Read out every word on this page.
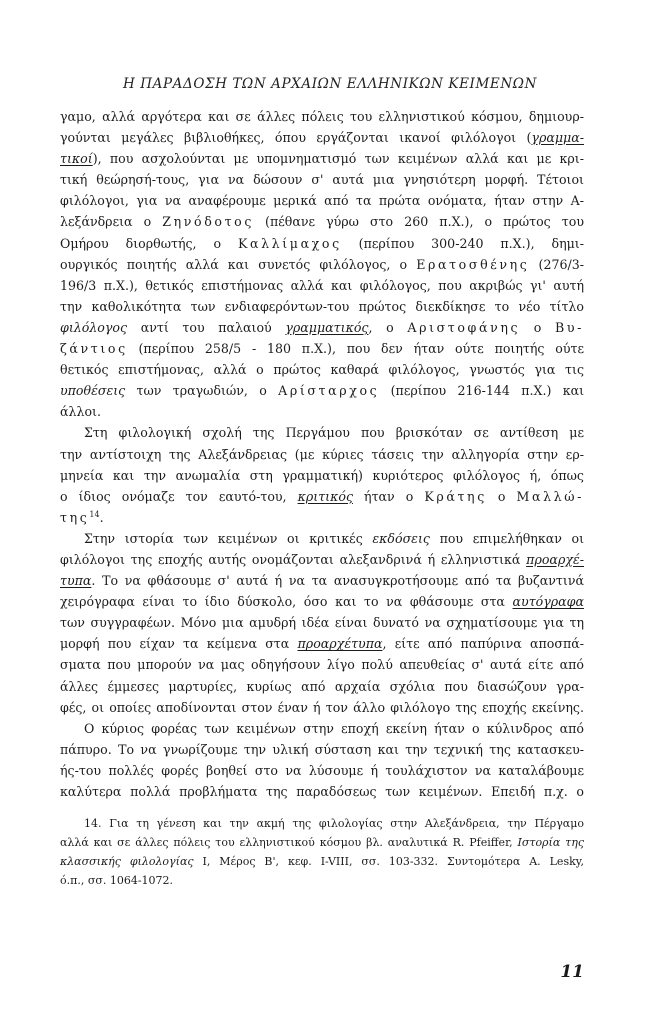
Η ΠΑΡΑΔΟΣΗ ΤΩΝ ΑΡΧΑΙΩΝ ΕΛΛΗΝΙΚΩΝ ΚΕΙΜΕΝΩΝ
γαμο, αλλά αργότερα και σε άλλες πόλεις του ελληνιστικού κόσμου, δημιουρ-
γούνται μεγάλες βιβλιοθήκες, όπου εργάζονται ικανοί φιλόλογοι (γραμμα-
τικοί), που ασχολούνται με υπομνηματισμό των κειμένων αλλά και με κρι-
τική θεώρησή-τους, για να δώσουν σ' αυτά μια γνησιότερη μορφή. Τέτοιοι
φιλόλογοι, για να αναφέρουμε μερικά από τα πρώτα ονόματα, ήταν στην Α-
λεξάνδρεια ο Ζηνόδοτος (πέθανε γύρω στο 260 π.Χ.), ο πρώτος του
Ομήρου διορθωτής, ο Καλλίμαχος (περίπου 300-240 π.Χ.), δημι-
ουργικός ποιητής αλλά και συνετός φιλόλογος, ο Ερατοσθένης (276/3-
196/3 π.Χ.), θετικός επιστήμονας αλλά και φιλόλογος, που ακριβώς γι' αυτή
την καθολικότητα των ενδιαφερόντων-του πρώτος διεκδίκησε το νέο τίτλο
φιλόλογος αντί του παλαιού γραμματικός, ο Αριστοφάνης ο Βυ-
ζάντιος (περίπου 258/5 - 180 π.Χ.), που δεν ήταν ούτε ποιητής ούτε
θετικός επιστήμονας, αλλά ο πρώτος καθαρά φιλόλογος, γνωστός για τις
υποθέσεις των τραγωδιών, ο Αρίσταρχος (περίπου 216-144 π.Χ.) και
άλλοι.
Στη φιλολογική σχολή της Περγάμου που βρισκόταν σε αντίθεση με
την αντίστοιχη της Αλεξάνδρειας (με κύριες τάσεις την αλληγορία στην ερ-
μηνεία και την ανωμαλία στη γραμματική) κυριότερος φιλόλογος ή, όπως
ο ίδιος ονόμαζε τον εαυτό-του, κριτικός ήταν ο Κράτης ο Μαλλώ-
της$^{14}$.
Στην ιστορία των κειμένων οι κριτικές εκδόσεις που επιμελήθηκαν οι
φιλόλογοι της εποχής αυτής ονομάζονται αλεξανδρινά ή ελληνιστικά προαρχέ-
τυπα. Το να φθάσουμε σ' αυτά ή να τα ανασυγκροτήσουμε από τα βυζαντινά
χειρόγραφα είναι το ίδιο δύσκολο, όσο και το να φθάσουμε στα αυτόγραφα
των συγγραφέων. Μόνο μια αμυδρή ιδέα είναι δυνατό να σχηματίσουμε για τη
μορφή που είχαν τα κείμενα στα προαρχέτυπα, είτε από παπύρινα αποσπά-
σματα που μπορούν να μας οδηγήσουν λίγο πολύ απευθείας σ' αυτά είτε από
άλλες έμμεσες μαρτυρίες, κυρίως από αρχαία σχόλια που διασώζουν γρα-
φές, οι οποίες αποδίνονται στον έναν ή τον άλλο φιλόλογο της εποχής εκείνης.
Ο κύριος φορέας των κειμένων στην εποχή εκείνη ήταν ο κύλινδρος από
πάπυρο. Το να γνωρίζουμε την υλική σύσταση και την τεχνική της κατασκευ-
ής-του πολλές φορές βοηθεί στο να λύσουμε ή τουλάχιστον να καταλάβουμε
καλύτερα πολλά προβλήματα της παραδόσεως των κειμένων. Επειδή π.χ. ο
14. Για τη γένεση και την ακμή της φιλολογίας στην Αλεξάνδρεια, την Πέργαμο
αλλά και σε άλλες πόλεις του ελληνιστικού κόσμου βλ. αναλυτικά R. Pfeiffer, Ιστορία της
κλασσικής φιλολογίας Ι, Μέρος Β', κεφ. I-VIII, σσ. 103-332. Συντομότερα A. Lesky,
ό.π., σσ. 1064-1072.
11
